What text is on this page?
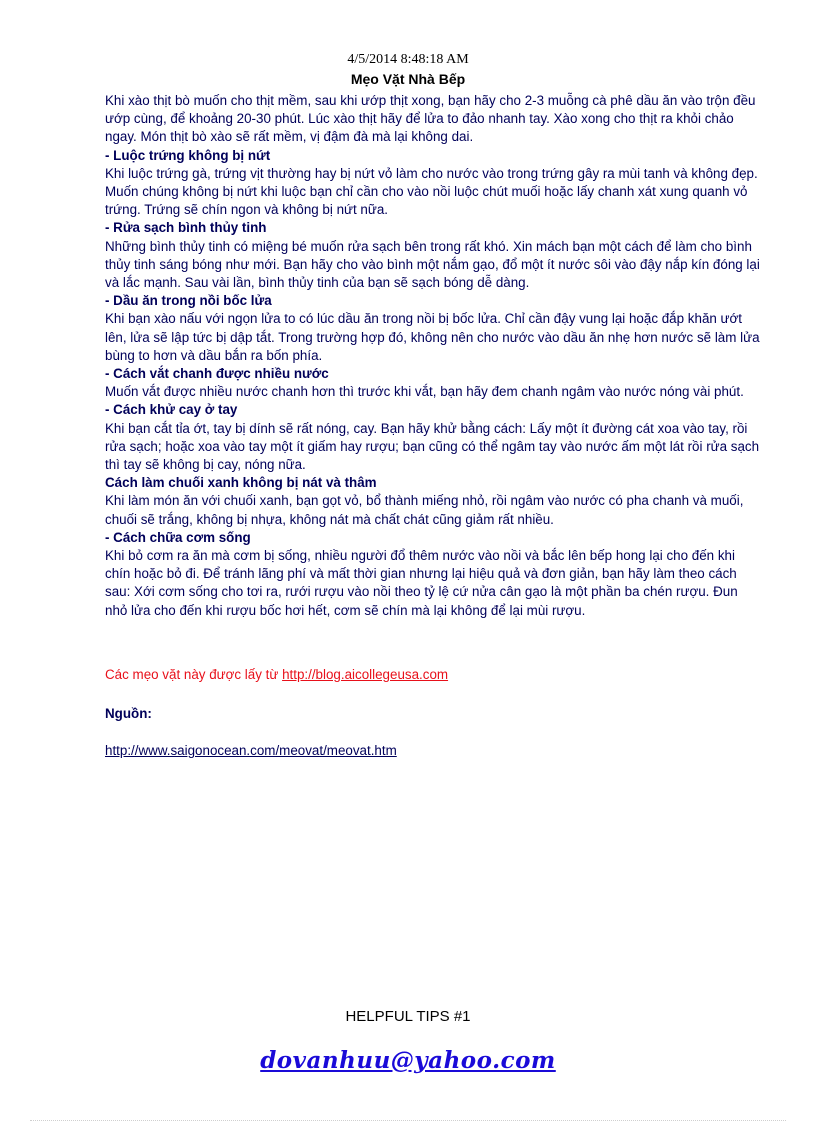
4/5/2014 8:48:18 AM
Mẹo Vặt Nhà Bếp

Khi xào thịt bò muốn cho thịt mềm, sau khi ướp thịt xong, bạn hãy cho 2-3 muỗng cà phê dầu ăn vào trộn đều ướp cùng, để khoảng 20-30 phút. Lúc xào thịt hãy để lửa to đảo nhanh tay. Xào xong cho thịt ra khỏi chảo ngay. Món thịt bò xào sẽ rất mềm, vị đậm đà mà lại không dai.

- Luộc trứng không bị nứt

Khi luộc trứng gà, trứng vịt thường hay bị nứt vỏ làm cho nước vào trong trứng gây ra mùi tanh và không đẹp. Muốn chúng không bị nứt khi luộc bạn chỉ cần cho vào nồi luộc chút muối hoặc lấy chanh xát xung quanh vỏ trứng. Trứng sẽ chín ngon và không bị nứt nữa.

- Rửa sạch bình thủy tinh

Những bình thủy tinh có miệng bé muốn rửa sạch bên trong rất khó. Xin mách bạn một cách để làm cho bình thủy tinh sáng bóng như mới. Bạn hãy cho vào bình một nắm gạo, đổ một ít nước sôi vào đậy nắp kín đóng lại và lắc mạnh. Sau vài lần, bình thủy tinh của bạn sẽ sạch bóng dễ dàng.

- Dầu ăn trong nồi bốc lửa

Khi bạn xào nấu với ngọn lửa to có lúc dầu ăn trong nồi bị bốc lửa. Chỉ cần đậy vung lại hoặc đắp khăn ướt lên, lửa sẽ lập tức bị dập tắt. Trong trường hợp đó, không nên cho nước vào dầu ăn nhẹ hơn nước sẽ làm lửa bùng to hơn và dầu bắn ra bốn phía.

- Cách vắt chanh được nhiều nước

Muốn vắt được nhiều nước chanh hơn thì trước khi vắt, bạn hãy đem chanh ngâm vào nước nóng vài phút.

- Cách khử cay ở tay

Khi bạn cắt tỉa ớt, tay bị dính sẽ rất nóng, cay. Bạn hãy khử bằng cách: Lấy một ít đường cát xoa vào tay, rồi rửa sạch; hoặc xoa vào tay một ít giấm hay rượu; bạn cũng có thể ngâm tay vào nước ấm một lát rồi rửa sạch thì tay sẽ không bị cay, nóng nữa.

Cách làm chuối xanh không bị nát và thâm

Khi làm món ăn với chuối xanh, bạn gọt vỏ, bổ thành miếng nhỏ, rồi ngâm vào nước có pha chanh và muối, chuối sẽ trắng, không bị nhựa, không nát mà chất chát cũng giảm rất nhiều.

- Cách chữa cơm sống

Khi bỏ cơm ra ăn mà cơm bị sống, nhiều người đổ thêm nước vào nồi và bắc lên bếp hong lại cho đến khi chín hoặc bỏ đi. Để tránh lãng phí và mất thời gian nhưng lại hiệu quả và đơn giản, bạn hãy làm theo cách sau: Xới cơm sống cho tơi ra, rưới rượu vào nồi theo tỷ lệ cứ nửa cân gạo là một phần ba chén rượu. Đun nhỏ lửa cho đến khi rượu bốc hơi hết, cơm sẽ chín mà lại không để lại mùi rượu.

Các mẹo vặt này được lấy từ http://blog.aicollegeusa.com
Nguồn:
http://www.saigonocean.com/meovat/meovat.htm
HELPFUL TIPS #1
dovanhuu@yahoo.com
